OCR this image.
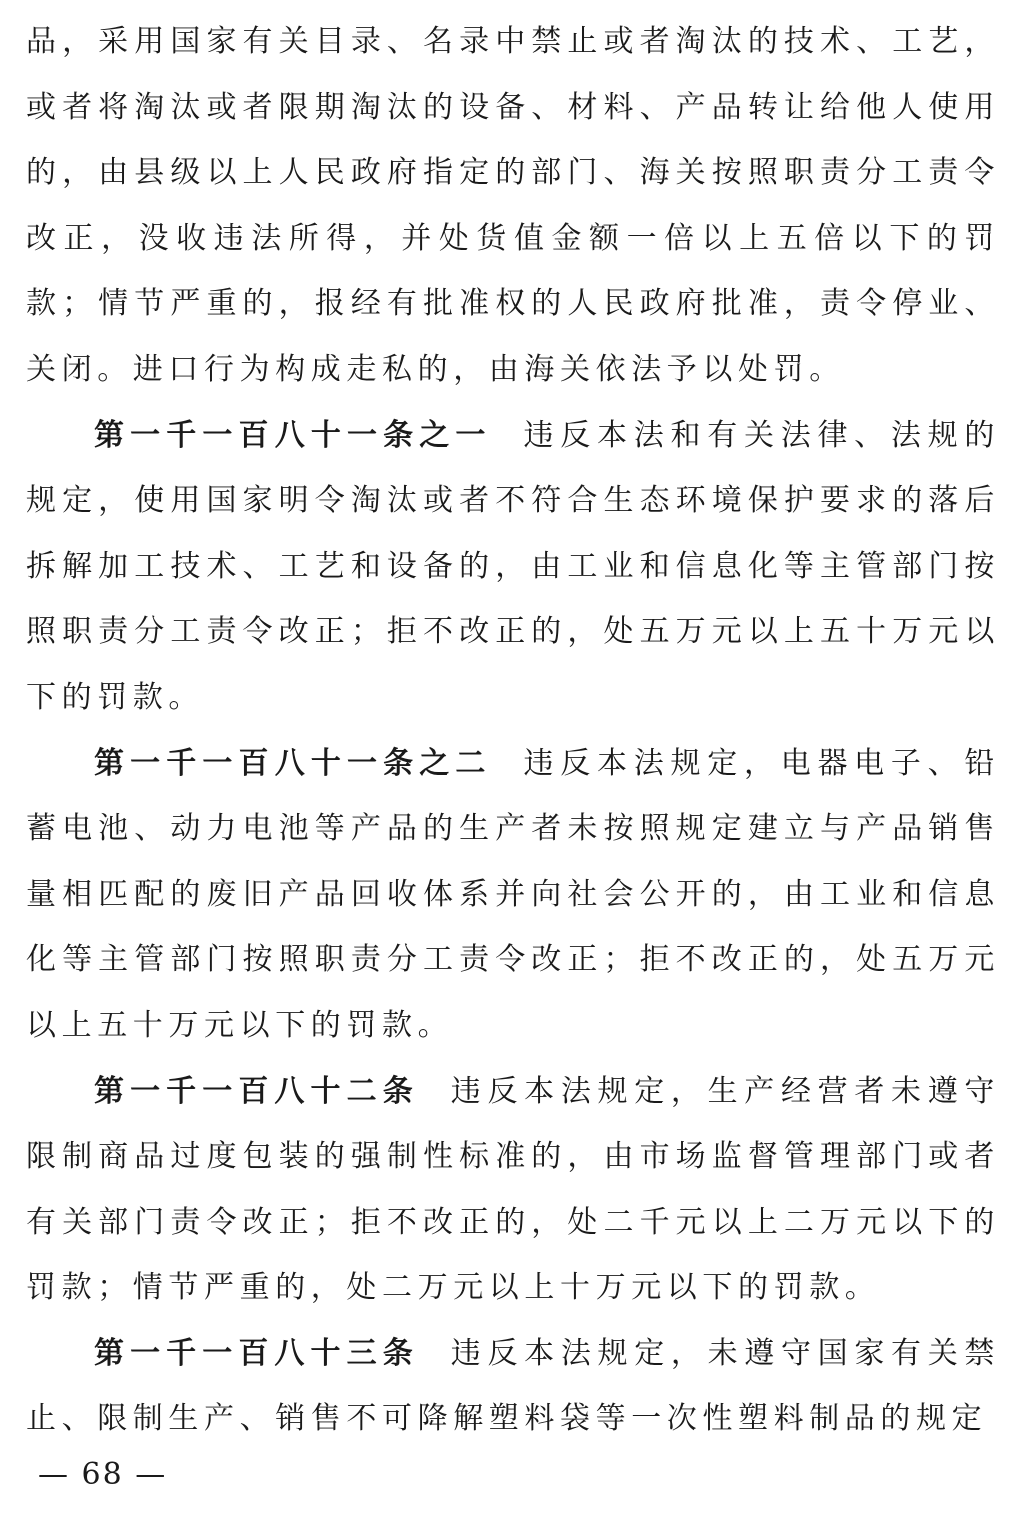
品，采用国家有关目录、名录中禁止或者淘汰的技术、工艺，或者将淘汰或者限期淘汰的设备、材料、产品转让给他人使用的，由县级以上人民政府指定的部门、海关按照职责分工责令改正，没收违法所得，并处货值金额一倍以上五倍以下的罚款；情节严重的，报经有批准权的人民政府批准，责令停业、关闭。进口行为构成走私的，由海关依法予以处罚。

第一千一百八十一条之一 违反本法和有关法律、法规的规定，使用国家明令淘汰或者不符合生态环境保护要求的落后拆解加工技术、工艺和设备的，由工业和信息化等主管部门按照职责分工责令改正；拒不改正的，处五万元以上五十万元以下的罚款。

第一千一百八十一条之二 违反本法规定，电器电子、铅蓄电池、动力电池等产品的生产者未按照规定建立与产品销售量相匹配的废旧产品回收体系并向社会公开的，由工业和信息化等主管部门按照职责分工责令改正；拒不改正的，处五万元以上五十万元以下的罚款。

第一千一百八十二条 违反本法规定，生产经营者未遵守限制商品过度包装的强制性标准的，由市场监督管理部门或者有关部门责令改正；拒不改正的，处二千元以上二万元以下的罚款；情节严重的，处二万元以上十万元以下的罚款。

第一千一百八十三条 违反本法规定，未遵守国家有关禁止、限制生产、销售不可降解塑料袋等一次性塑料制品的规定

— 68 —
